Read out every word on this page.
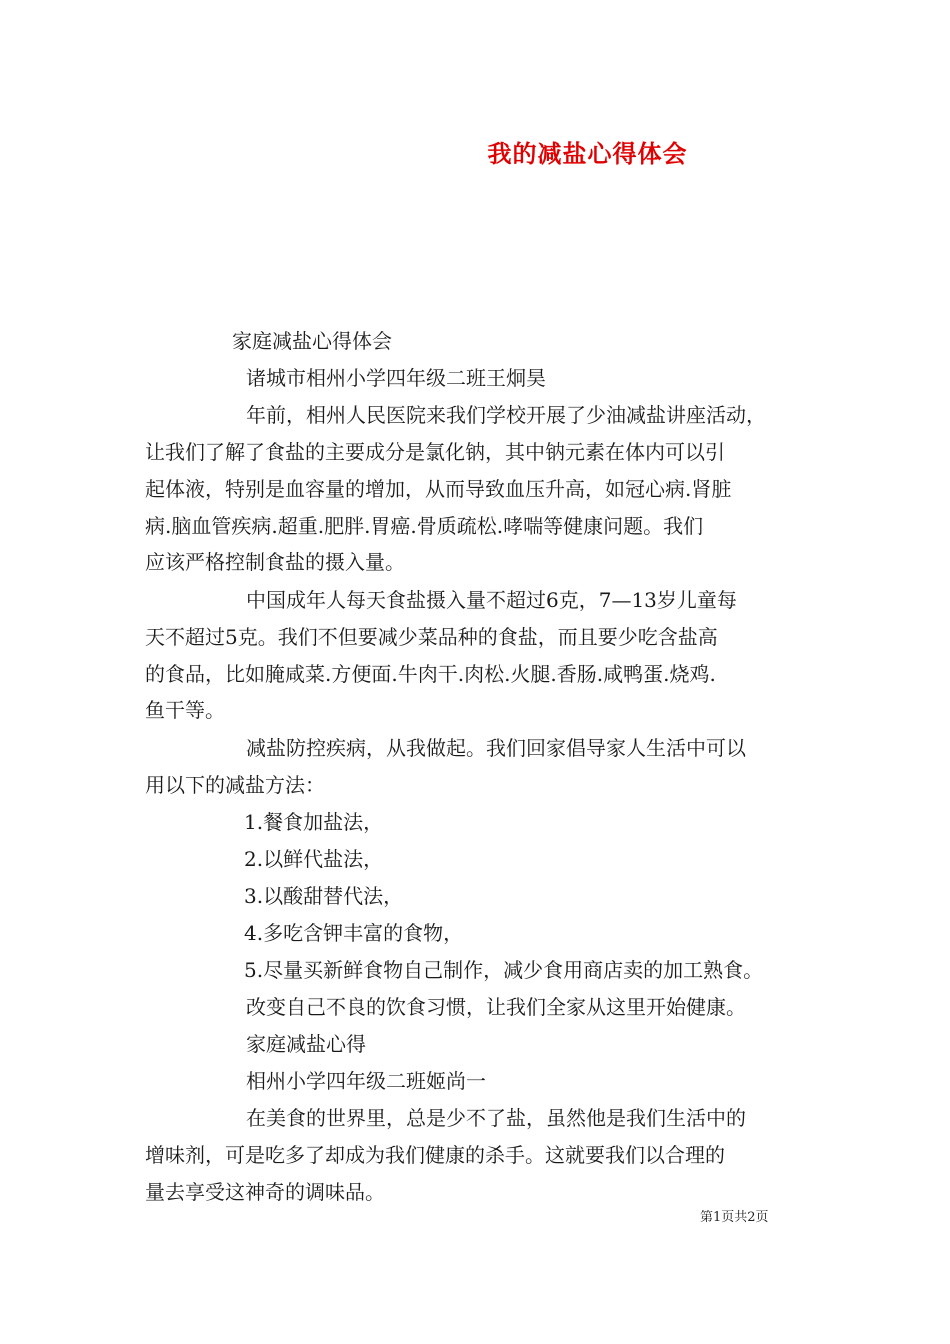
我的减盐心得体会
家庭减盐心得体会
诸城市相州小学四年级二班王炯昊
年前，相州人民医院来我们学校开展了少油减盐讲座活动，
让我们了解了食盐的主要成分是氯化钠，其中钠元素在体内可以引
起体液，特别是血容量的增加，从而导致血压升高，如冠心病.肾脏
病.脑血管疾病.超重.肥胖.胃癌.骨质疏松.哮喘等健康问题。我们
应该严格控制食盐的摄入量。
中国成年人每天食盐摄入量不超过6克，7—13岁儿童每
天不超过5克。我们不但要减少菜品种的食盐，而且要少吃含盐高
的食品，比如腌咸菜.方便面.牛肉干.肉松.火腿.香肠.咸鸭蛋.烧鸡.
鱼干等。
减盐防控疾病，从我做起。我们回家倡导家人生活中可以
用以下的减盐方法：
1.餐食加盐法，
2.以鲜代盐法，
3.以酸甜替代法，
4.多吃含钾丰富的食物，
5.尽量买新鲜食物自己制作，减少食用商店卖的加工熟食。
改变自己不良的饮食习惯，让我们全家从这里开始健康。
家庭减盐心得
相州小学四年级二班姬尚一
在美食的世界里，总是少不了盐，虽然他是我们生活中的
增味剂，可是吃多了却成为我们健康的杀手。这就要我们以合理的
量去享受这神奇的调味品。
第1页共2页
